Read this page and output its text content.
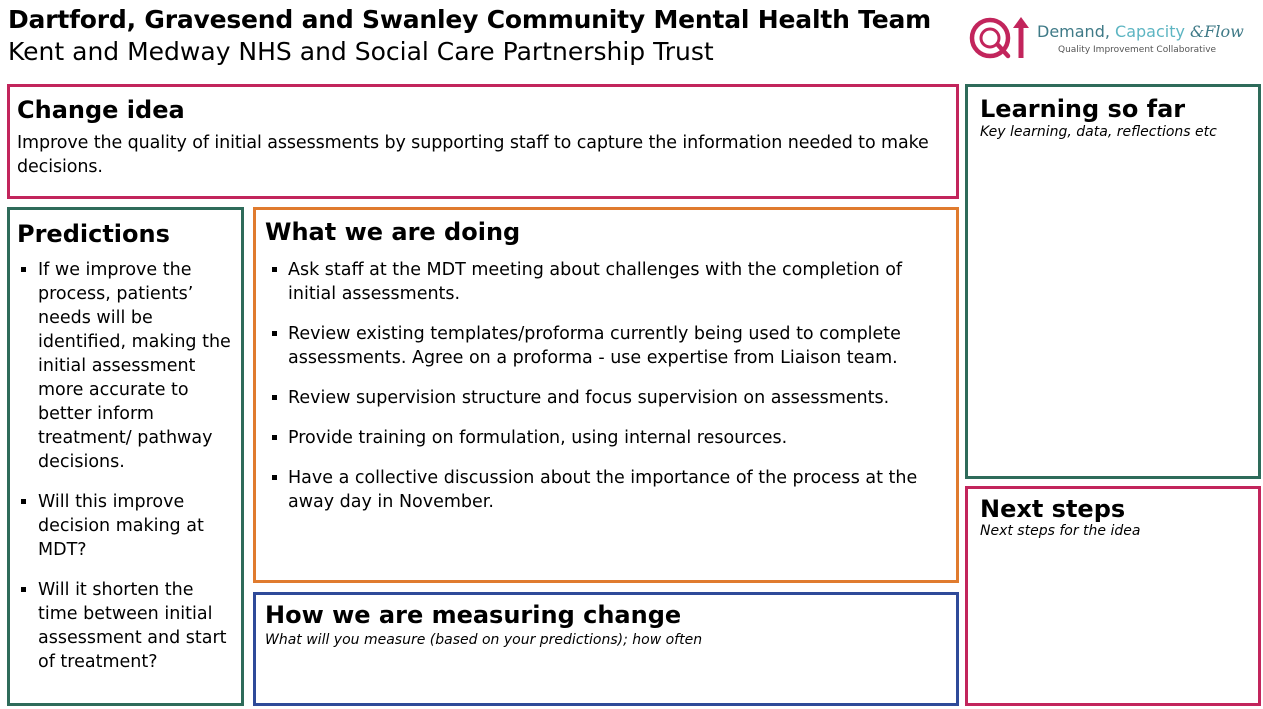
Dartford, Gravesend and Swanley Community Mental Health Team
Kent and Medway NHS and Social Care Partnership Trust
Demand, Capacity &Flow
Quality Improvement Collaborative
Change idea

Improve the quality of initial assessments by supporting staff to capture the information needed to make decisions.

Predictions
If we improve the process, patients’ needs will be identified, making the initial assessment more accurate to better inform treatment/ pathway decisions.
Will this improve decision making at MDT?
Will it shorten the time between initial assessment and start of treatment?
What we are doing
Ask staff at the MDT meeting about challenges with the completion of initial assessments.
Review existing templates/proforma currently being used to complete assessments. Agree on a proforma - use expertise from Liaison team.
Review supervision structure and focus supervision on assessments.
Provide training on formulation, using internal resources.
Have a collective discussion about the importance of the process at the away day in November.
How we are measuring change
What will you measure (based on your predictions); how often
Learning so far
Key learning, data, reflections etc
Next steps
Next steps for the idea
